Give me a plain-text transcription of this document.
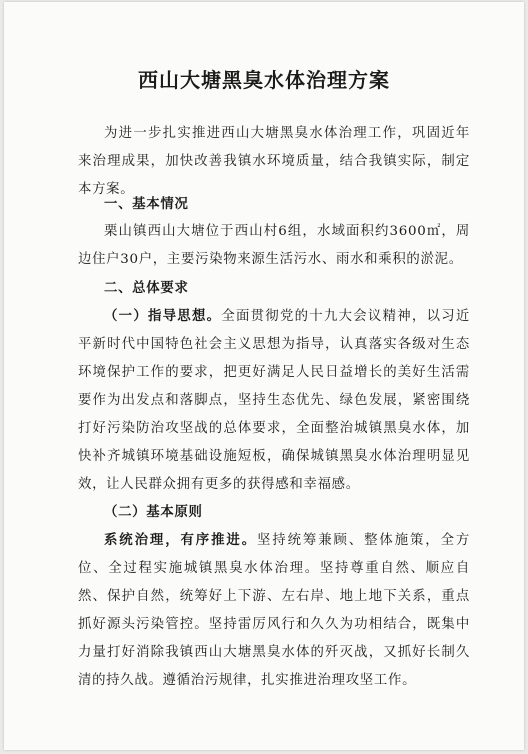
西山大塘黑臭水体治理方案

为进一步扎实推进西山大塘黑臭水体治理工作，巩固近年来治理成果，加快改善我镇水环境质量，结合我镇实际，制定本方案。

一、基本情况

栗山镇西山大塘位于西山村6组，水域面积约3600㎡，周边住户30户，主要污染物来源生活污水、雨水和乘积的淤泥。

二、总体要求

（一）指导思想。全面贯彻党的十九大会议精神，以习近平新时代中国特色社会主义思想为指导，认真落实各级对生态环境保护工作的要求，把更好满足人民日益增长的美好生活需要作为出发点和落脚点，坚持生态优先、绿色发展，紧密围绕打好污染防治攻坚战的总体要求，全面整治城镇黑臭水体，加快补齐城镇环境基础设施短板，确保城镇黑臭水体治理明显见效，让人民群众拥有更多的获得感和幸福感。

（二）基本原则

系统治理，有序推进。坚持统筹兼顾、整体施策，全方位、全过程实施城镇黑臭水体治理。坚持尊重自然、顺应自然、保护自然，统筹好上下游、左右岸、地上地下关系，重点抓好源头污染管控。坚持雷厉风行和久久为功相结合，既集中力量打好消除我镇西山大塘黑臭水体的歼灭战，又抓好长制久清的持久战。遵循治污规律，扎实推进治理攻坚工作。
